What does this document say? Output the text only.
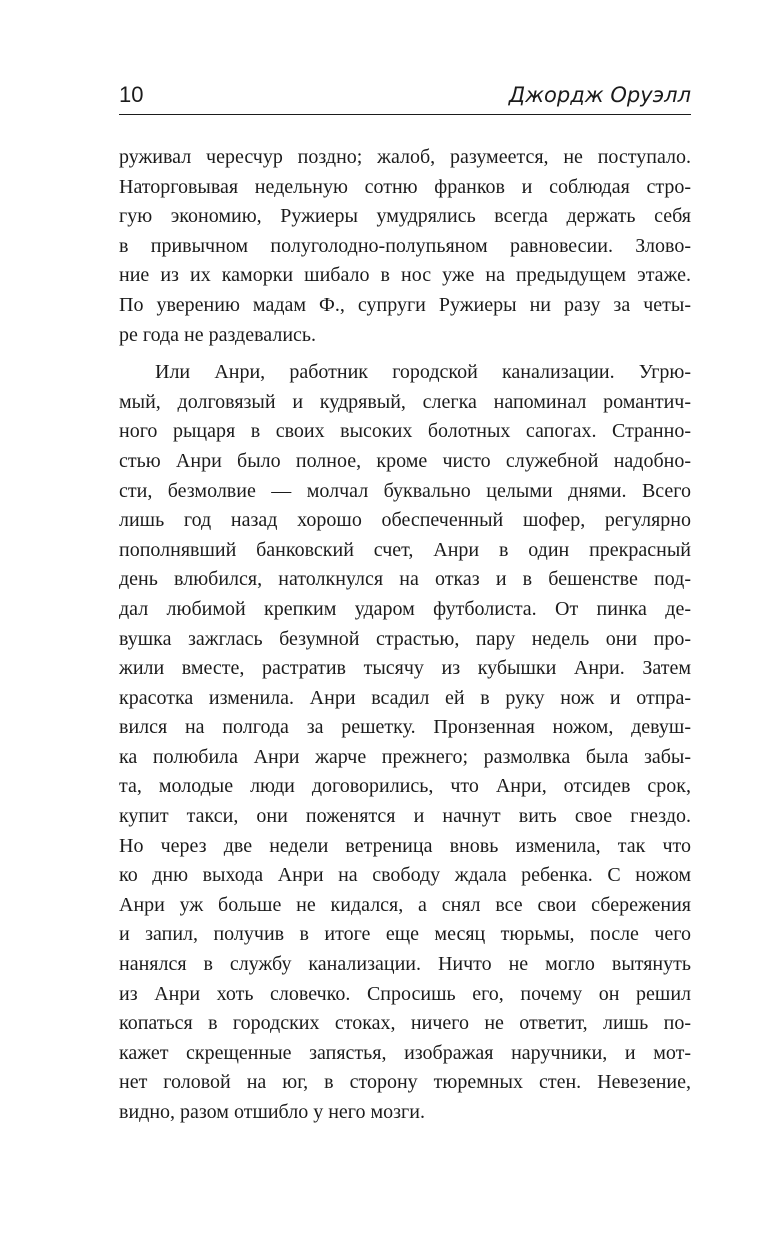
10	Джордж Оруэлл
руживал чересчур поздно; жалоб, разумеется, не поступало.
Наторговывая недельную сотню франков и соблюдая стро-
гую экономию, Ружиеры умудрялись всегда держать себя
в привычном полуголодно-полупьяном равновесии. Злово-
ние из их каморки шибало в нос уже на предыдущем этаже.
По уверению мадам Ф., супруги Ружиеры ни разу за четы-
ре года не раздевались.
Или Анри, работник городской канализации. Угрю-
мый, долговязый и кудрявый, слегка напоминал романтич-
ного рыцаря в своих высоких болотных сапогах. Странно-
стью Анри было полное, кроме чисто служебной надобно-
сти, безмолвие — молчал буквально целыми днями. Всего
лишь год назад хорошо обеспеченный шофер, регулярно
пополнявший банковский счет, Анри в один прекрасный
день влюбился, натолкнулся на отказ и в бешенстве под-
дал любимой крепким ударом футболиста. От пинка де-
вушка зажглась безумной страстью, пару недель они про-
жили вместе, растратив тысячу из кубышки Анри. Затем
красотка изменила. Анри всадил ей в руку нож и отпра-
вился на полгода за решетку. Пронзенная ножом, девуш-
ка полюбила Анри жарче прежнего; размолвка была забы-
та, молодые люди договорились, что Анри, отсидев срок,
купит такси, они поженятся и начнут вить свое гнездо.
Но через две недели ветреница вновь изменила, так что
ко дню выхода Анри на свободу ждала ребенка. С ножом
Анри уж больше не кидался, а снял все свои сбережения
и запил, получив в итоге еще месяц тюрьмы, после чего
нанялся в службу канализации. Ничто не могло вытянуть
из Анри хоть словечко. Спросишь его, почему он решил
копаться в городских стоках, ничего не ответит, лишь по-
кажет скрещенные запястья, изображая наручники, и мот-
нет головой на юг, в сторону тюремных стен. Невезение,
видно, разом отшибло у него мозги.
